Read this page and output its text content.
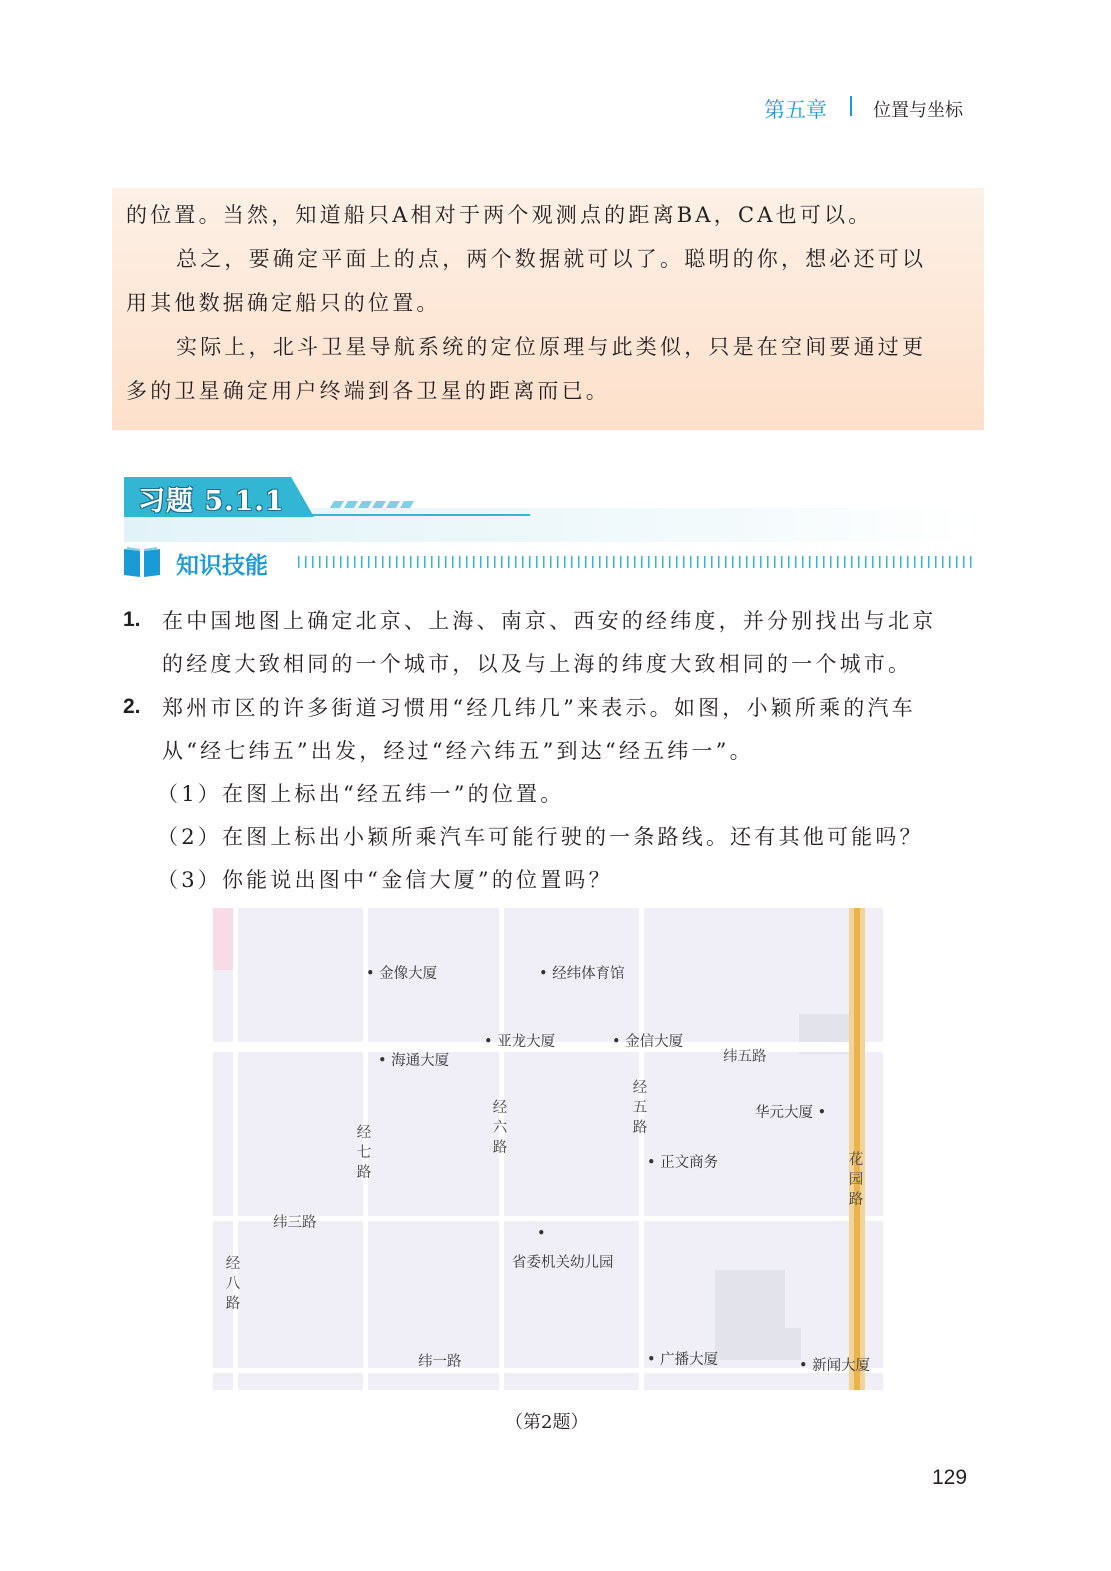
第五章	位置与坐标
的位置。当然，知道船只A相对于两个观测点的距离BA，CA也可以。
总之，要确定平面上的点，两个数据就可以了。聪明的你，想必还可以
用其他数据确定船只的位置。
实际上，北斗卫星导航系统的定位原理与此类似，只是在空间要通过更
多的卫星确定用户终端到各卫星的距离而已。
习题 5.1.1
知识技能
1. 在中国地图上确定北京、上海、南京、西安的经纬度，并分别找出与北京
的经度大致相同的一个城市，以及与上海的纬度大致相同的一个城市。
2. 郑州市区的许多街道习惯用“经几纬几”来表示。如图，小颖所乘的汽车
从“经七纬五”出发，经过“经六纬五”到达“经五纬一”。
（1）在图上标出“经五纬一”的位置。
（2）在图上标出小颖所乘汽车可能行驶的一条路线。还有其他可能吗？
（3）你能说出图中“金信大厦”的位置吗？
• 金像大厦	• 经纬体育馆
• 亚龙大厦	• 金信大厦
• 海通大厦
华元大厦 •
• 正文商务
•
省委机关幼儿园
• 广播大厦	• 新闻大厦
纬五路
纬三路
纬一路
经
五
路
经
六
路
经
七
路
经
八
路
花
园
路
（第2题）
129
